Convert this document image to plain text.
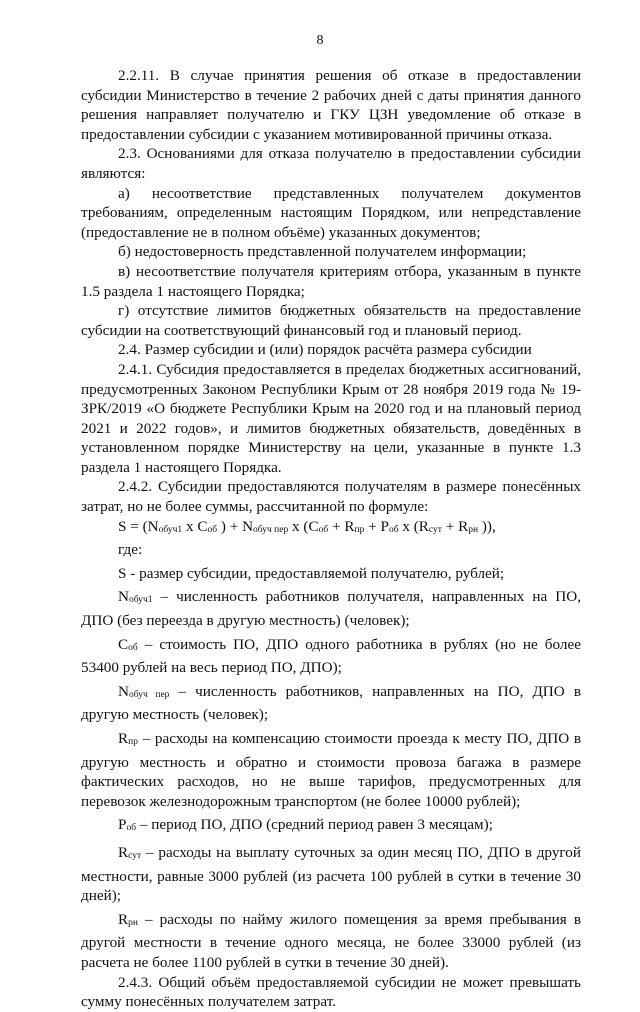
8

2.2.11. В случае принятия решения об отказе в предоставлении субсидии Министерство в течение 2 рабочих дней с даты принятия данного решения направляет получателю и ГКУ ЦЗН уведомление об отказе в предоставлении субсидии с указанием мотивированной причины отказа.

2.3. Основаниями для отказа получателю в предоставлении субсидии являются:

а) несоответствие представленных получателем документов требованиям, определенным настоящим Порядком, или непредставление (предоставление не в полном объёме) указанных документов;

б) недостоверность представленной получателем информации;

в) несоответствие получателя критериям отбора, указанным в пункте 1.5 раздела 1 настоящего Порядка;

г) отсутствие лимитов бюджетных обязательств на предоставление субсидии на соответствующий финансовый год и плановый период.

2.4. Размер субсидии и (или) порядок расчёта размера субсидии

2.4.1. Субсидия предоставляется в пределах бюджетных ассигнований, предусмотренных Законом Республики Крым от 28 ноября 2019 года № 19-ЗРК/2019 «О бюджете Республики Крым на 2020 год и на плановый период 2021 и 2022 годов», и лимитов бюджетных обязательств, доведённых в установленном порядке Министерству на цели, указанные в пункте 1.3 раздела 1 настоящего Порядка.

2.4.2. Субсидии предоставляются получателям в размере понесённых затрат, но не более суммы, рассчитанной по формуле:

$S = (N_{обуч1}$ x $C_{об}$ ) + $N_{обуч пер}$ x ($C_{об} + R_{пр} + P_{об}$ x ($R_{сут} + R_{рн}$ )),

где:

S - размер субсидии, предоставляемой получателю, рублей;

$N_{обуч1}$ – численность работников получателя, направленных на ПО, ДПО (без переезда в другую местность) (человек);

$C_{об}$ – стоимость ПО, ДПО одного работника в рублях (но не более 53400 рублей на весь период ПО, ДПО);

$N_{обуч пер}$ – численность работников, направленных на ПО, ДПО в другую местность (человек);

$R_{пр}$ – расходы на компенсацию стоимости проезда к месту ПО, ДПО в другую местность и обратно и стоимости провоза багажа в размере фактических расходов, но не выше тарифов, предусмотренных для перевозок железнодорожным транспортом (не более 10000 рублей);

$P_{об}$ – период ПО, ДПО (средний период равен 3 месяцам);

$R_{сут}$ – расходы на выплату суточных за один месяц ПО, ДПО в другой местности, равные 3000 рублей (из расчета 100 рублей в сутки в течение 30 дней);

$R_{рн}$ – расходы по найму жилого помещения за время пребывания в другой местности в течение одного месяца, не более 33000 рублей (из расчета не более 1100 рублей в сутки в течение 30 дней).

2.4.3. Общий объём предоставляемой субсидии не может превышать сумму понесённых получателем затрат.
